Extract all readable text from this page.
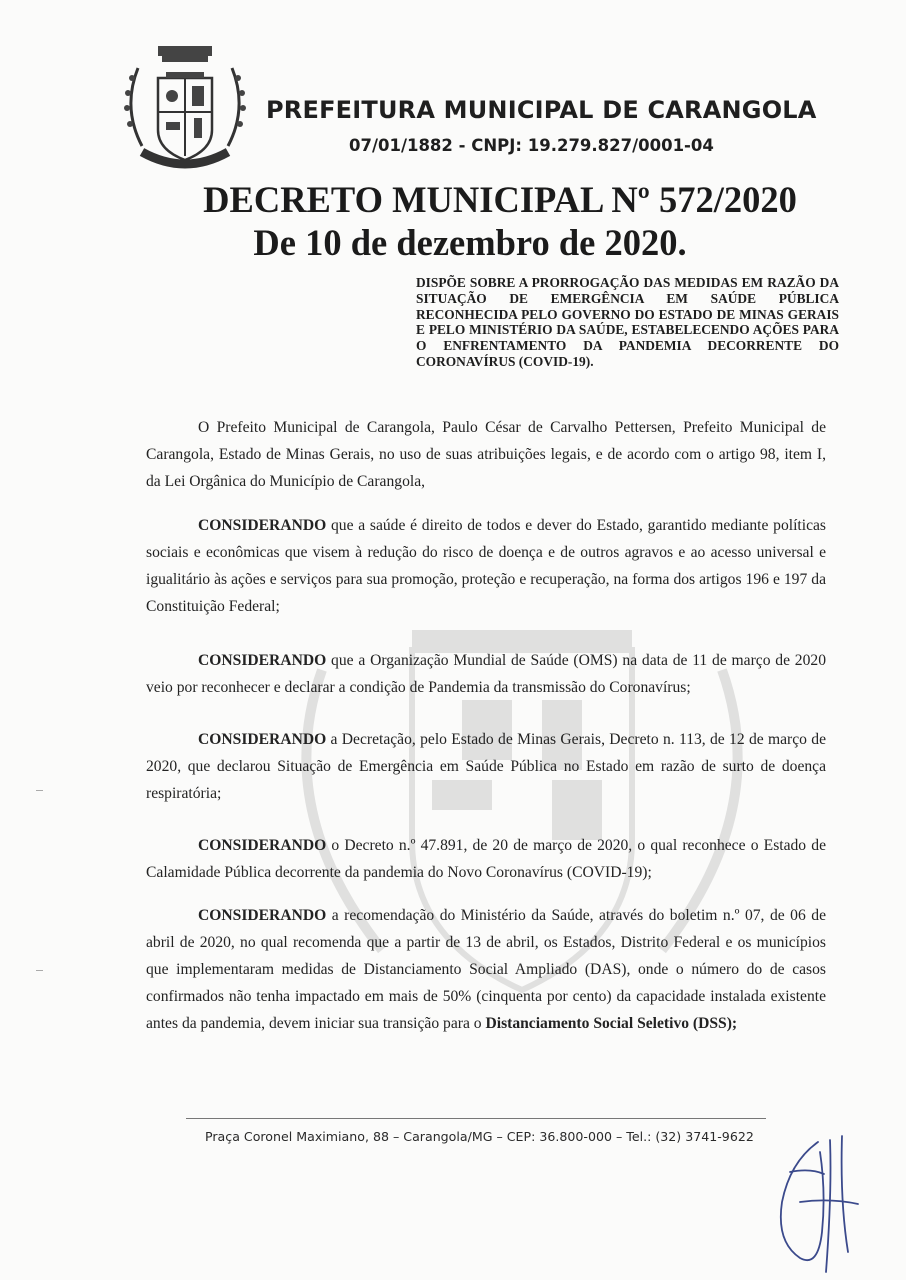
PREFEITURA MUNICIPAL DE CARANGOLA
07/01/1882 - CNPJ: 19.279.827/0001-04
DECRETO MUNICIPAL Nº 572/2020
De 10 de dezembro de 2020.
DISPÕE SOBRE A PRORROGAÇÃO DAS MEDIDAS EM RAZÃO DA SITUAÇÃO DE EMERGÊNCIA EM SAÚDE PÚBLICA RECONHECIDA PELO GOVERNO DO ESTADO DE MINAS GERAIS E PELO MINISTÉRIO DA SAÚDE, ESTABELECENDO AÇÕES PARA O ENFRENTAMENTO DA PANDEMIA DECORRENTE DO CORONAVÍRUS (COVID-19).

O Prefeito Municipal de Carangola, Paulo César de Carvalho Pettersen, Prefeito Municipal de Carangola, Estado de Minas Gerais, no uso de suas atribuições legais, e de acordo com o artigo 98, item I, da Lei Orgânica do Município de Carangola,

CONSIDERANDO que a saúde é direito de todos e dever do Estado, garantido mediante políticas sociais e econômicas que visem à redução do risco de doença e de outros agravos e ao acesso universal e igualitário às ações e serviços para sua promoção, proteção e recuperação, na forma dos artigos 196 e 197 da Constituição Federal;

CONSIDERANDO que a Organização Mundial de Saúde (OMS) na data de 11 de março de 2020 veio por reconhecer e declarar a condição de Pandemia da transmissão do Coronavírus;

CONSIDERANDO a Decretação, pelo Estado de Minas Gerais, Decreto n. 113, de 12 de março de 2020, que declarou Situação de Emergência em Saúde Pública no Estado em razão de surto de doença respiratória;

CONSIDERANDO o Decreto n.º 47.891, de 20 de março de 2020, o qual reconhece o Estado de Calamidade Pública decorrente da pandemia do Novo Coronavírus (COVID-19);

CONSIDERANDO a recomendação do Ministério da Saúde, através do boletim n.º 07, de 06 de abril de 2020, no qual recomenda que a partir de 13 de abril, os Estados, Distrito Federal e os municípios que implementaram medidas de Distanciamento Social Ampliado (DAS), onde o número do de casos confirmados não tenha impactado em mais de 50% (cinquenta por cento) da capacidade instalada existente antes da pandemia, devem iniciar sua transição para o Distanciamento Social Seletivo (DSS);

Praça Coronel Maximiano, 88 – Carangola/MG – CEP: 36.800-000 – Tel.: (32) 3741-9622
